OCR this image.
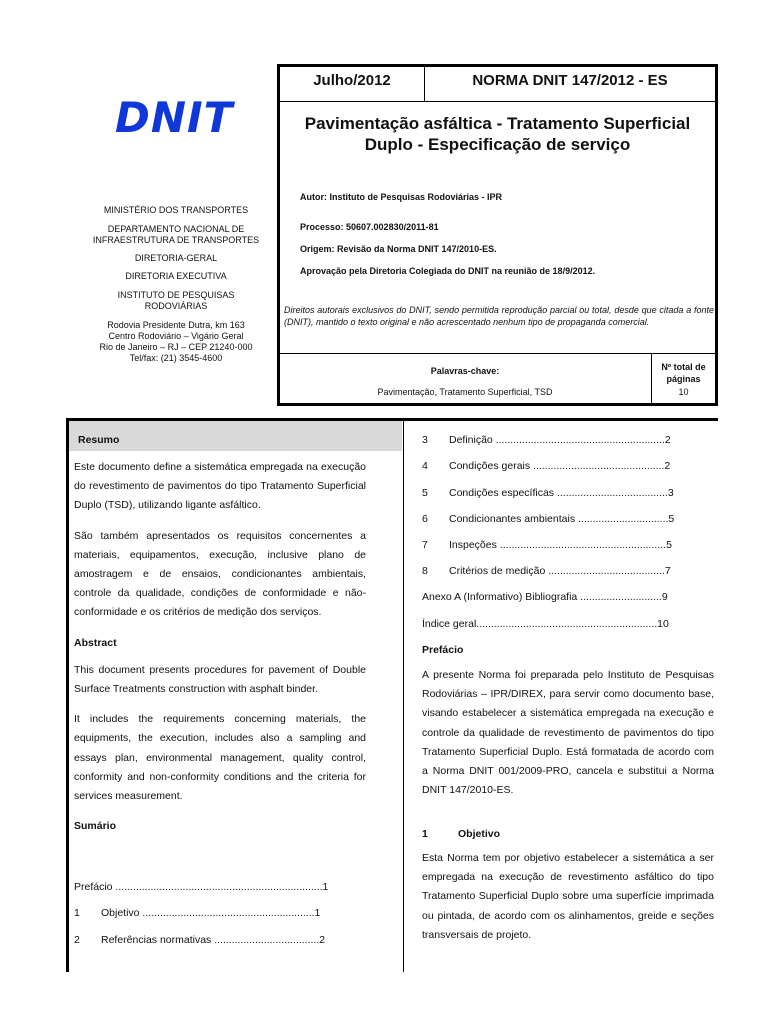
DNIT
Julho/2012	NORMA DNIT 147/2012 - ES
Pavimentação asfáltica - Tratamento Superficial
Duplo - Especificação de serviço
Autor: Instituto de Pesquisas Rodoviárias - IPR
Processo: 50607.002830/2011-81
Origem: Revisão da Norma DNIT 147/2010-ES.
Aprovação pela Diretoria Colegiada do DNIT na reunião de 18/9/2012.
Direitos autorais exclusivos do DNIT, sendo permitida reprodução parcial ou total, desde que citada a fonte (DNIT), mantido o texto original e não acrescentado nenhum tipo de propaganda comercial.
Palavras-chave:
Pavimentação, Tratamento Superficial, TSD
Nº total de
páginas
10
MINISTÉRIO DOS TRANSPORTES
DEPARTAMENTO NACIONAL DE
INFRAESTRUTURA DE TRANSPORTES
DIRETORIA-GERAL
DIRETORIA EXECUTIVA
INSTITUTO DE PESQUISAS
RODOVIÁRIAS
Rodovia Presidente Dutra, km 163
Centro Rodoviário – Vigário Geral
Rio de Janeiro – RJ – CEP 21240-000
Tel/fax: (21) 3545-4600
Resumo
Este documento define a sistemática empregada na execução do revestimento de pavimentos do tipo Tratamento Superficial Duplo (TSD), utilizando ligante asfáltico.
São também apresentados os requisitos concernentes a materiais, equipamentos, execução, inclusive plano de amostragem e de ensaios, condicionantes ambientais, controle da qualidade, condições de conformidade e não-conformidade e os critérios de medição dos serviços.
Abstract
This document presents procedures for pavement of Double Surface Treatments construction with asphalt binder.
It includes the requirements concerning materials, the equipments, the execution, includes also a sampling and essays plan, environmental management, quality control, conformity and non-conformity conditions and the criteria for services measurement.
Sumário
Prefácio .......................................................................1
1 Objetivo ...........................................................1
2 Referências normativas ....................................2
3 Definição ..........................................................2
4 Condições gerais .............................................2
5 Condições específicas ......................................3
6 Condicionantes ambientais ...............................5
7 Inspeções .........................................................5
8 Critérios de medição ........................................7
Anexo A (Informativo) Bibliografia ............................9
Índice geral..............................................................10
Prefácio
A presente Norma foi preparada pelo Instituto de Pesquisas Rodoviárias – IPR/DIREX, para servir como documento base, visando estabelecer a sistemática empregada na execução e controle da qualidade de revestimento de pavimentos do tipo Tratamento Superficial Duplo. Está formatada de acordo com a Norma DNIT 001/2009-PRO, cancela e substitui a Norma DNIT 147/2010-ES.
1	Objetivo
Esta Norma tem por objetivo estabelecer a sistemática a ser empregada na execução de revestimento asfáltico do tipo Tratamento Superficial Duplo sobre uma superfície imprimada ou pintada, de acordo com os alinhamentos, greide e seções transversais de projeto.
